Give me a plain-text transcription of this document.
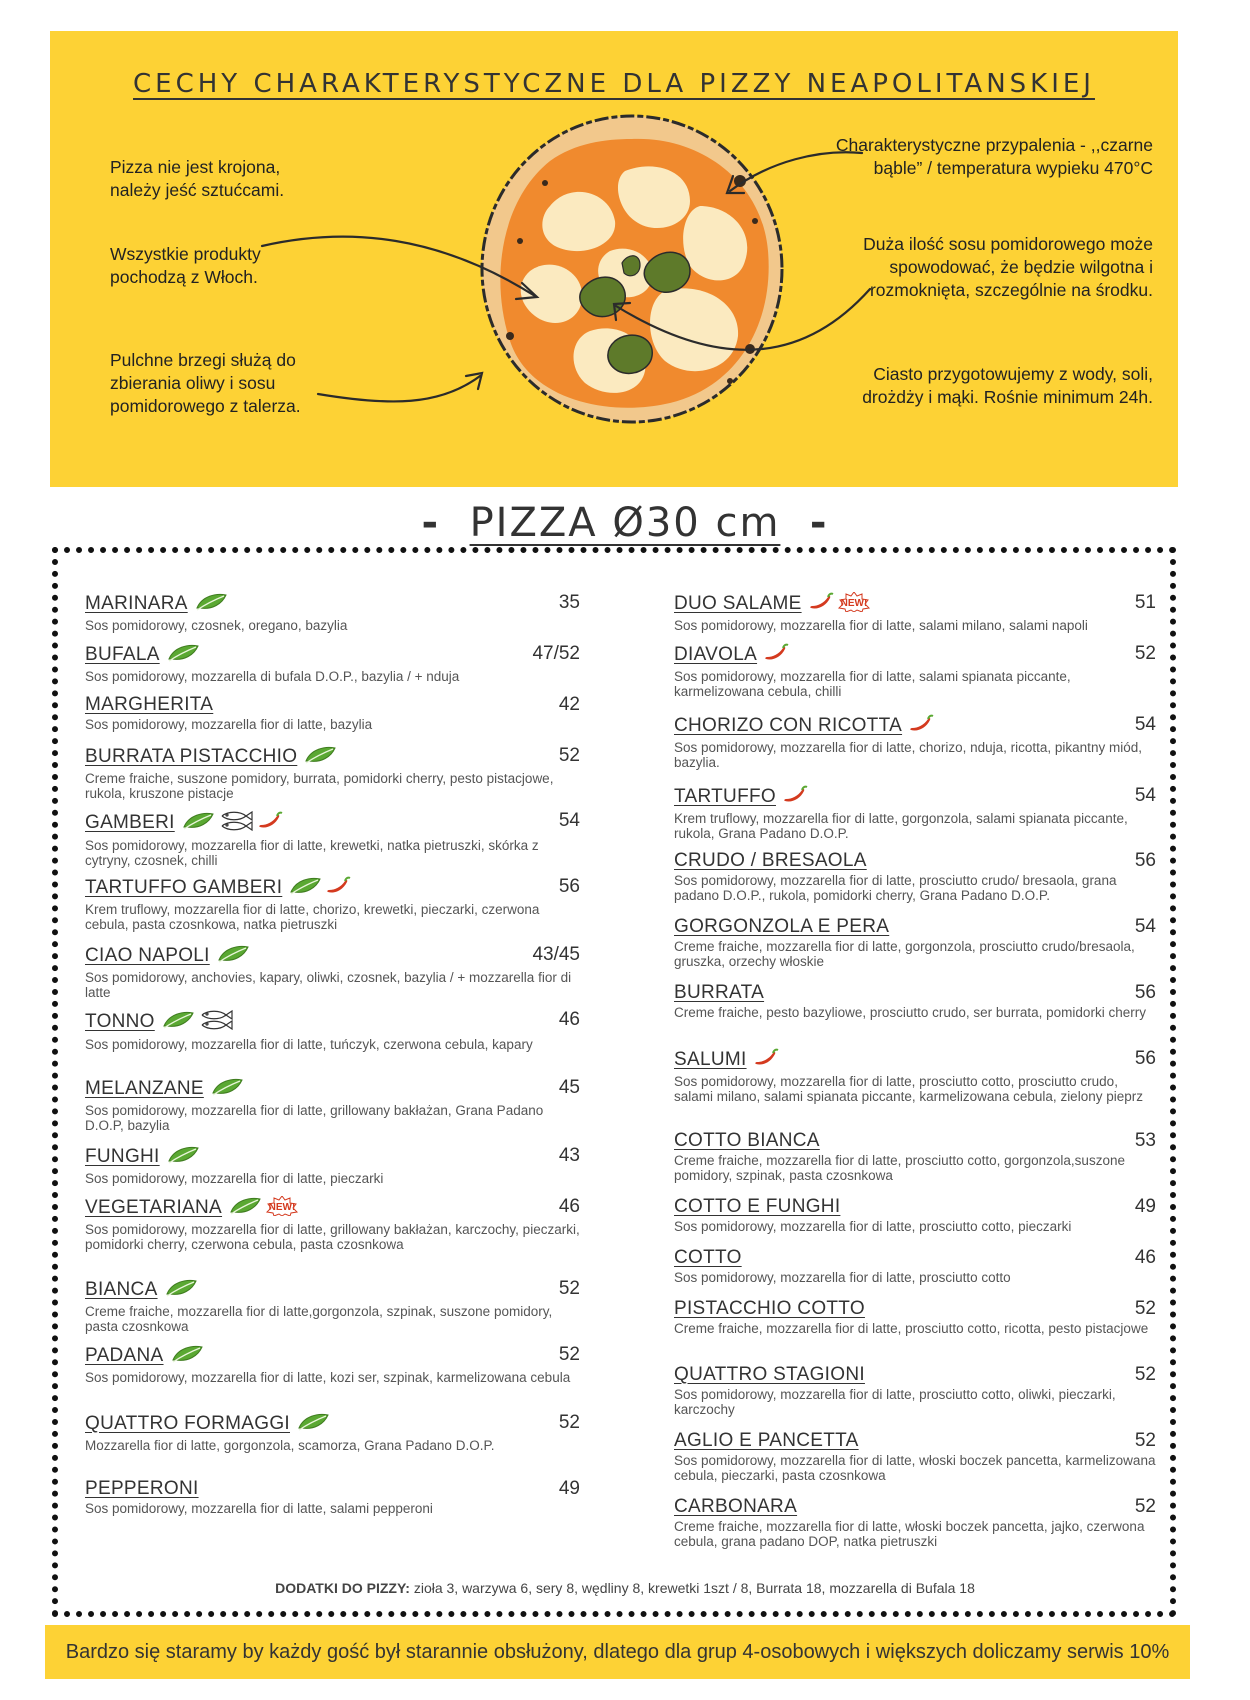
CECHY CHARAKTERYSTYCZNE DLA PIZZY NEAPOLITANSKIEJ
Pizza nie jest krojona,
należy jeść sztućcami.
Wszystkie produkty
pochodzą z Włoch.
Pulchne brzegi służą do
zbierania oliwy i sosu
pomidorowego z talerza.
Charakterystyczne przypalenia - ,,czarne
bąble” / temperatura wypieku 470°C
Duża ilość sosu pomidorowego może
spowodować, że będzie wilgotna i
rozmoknięta, szczególnie na środku.
Ciasto przygotowujemy z wody, soli,
drożdży i mąki. Rośnie minimum 24h.
- PIZZA Ø30 cm -
MARINARA	35
Sos pomidorowy, czosnek, oregano, bazylia
BUFALA	47/52
Sos pomidorowy, mozzarella di bufala D.O.P., bazylia / + nduja
MARGHERITA	42
Sos pomidorowy, mozzarella fior di latte, bazylia
BURRATA PISTACCHIO	52
Creme fraiche, suszone pomidory, burrata, pomidorki cherry, pesto pistacjowe, rukola, kruszone pistacje
GAMBERI	54
Sos pomidorowy, mozzarella fior di latte, krewetki, natka pietruszki, skórka z cytryny, czosnek, chilli
TARTUFFO GAMBERI	56
Krem truflowy, mozzarella fior di latte, chorizo, krewetki, pieczarki, czerwona cebula, pasta czosnkowa, natka pietruszki
CIAO NAPOLI	43/45
Sos pomidorowy, anchovies, kapary, oliwki, czosnek, bazylia / + mozzarella fior di latte
TONNO	46
Sos pomidorowy, mozzarella fior di latte, tuńczyk, czerwona cebula, kapary
MELANZANE	45
Sos pomidorowy, mozzarella fior di latte, grillowany bakłażan, Grana Padano D.O.P, bazylia
FUNGHI	43
Sos pomidorowy, mozzarella fior di latte, pieczarki
VEGETARIANA	NEW!	46
Sos pomidorowy, mozzarella fior di latte, grillowany bakłażan, karczochy, pieczarki, pomidorki cherry, czerwona cebula, pasta czosnkowa
BIANCA	52
Creme fraiche, mozzarella fior di latte,gorgonzola, szpinak, suszone pomidory, pasta czosnkowa
PADANA	52
Sos pomidorowy, mozzarella fior di latte, kozi ser, szpinak, karmelizowana cebula
QUATTRO FORMAGGI	52
Mozzarella fior di latte, gorgonzola, scamorza, Grana Padano D.O.P.
PEPPERONI	49
Sos pomidorowy, mozzarella fior di latte, salami pepperoni
DUO SALAME	NEW!	51
Sos pomidorowy, mozzarella fior di latte, salami milano, salami napoli
DIAVOLA	52
Sos pomidorowy, mozzarella fior di latte, salami spianata piccante, karmelizowana cebula, chilli
CHORIZO CON RICOTTA	54
Sos pomidorowy, mozzarella fior di latte, chorizo, nduja, ricotta, pikantny miód, bazylia.
TARTUFFO	54
Krem truflowy, mozzarella fior di latte, gorgonzola, salami spianata piccante, rukola, Grana Padano D.O.P.
CRUDO / BRESAOLA	56
Sos pomidorowy, mozzarella fior di latte, prosciutto crudo/ bresaola, grana padano D.O.P., rukola, pomidorki cherry, Grana Padano D.O.P.
GORGONZOLA E PERA	54
Creme fraiche, mozzarella fior di latte, gorgonzola, prosciutto crudo/bresaola, gruszka, orzechy włoskie
BURRATA	56
Creme fraiche, pesto bazyliowe, prosciutto crudo, ser burrata, pomidorki cherry
SALUMI	56
Sos pomidorowy, mozzarella fior di latte, prosciutto cotto, prosciutto crudo, salami milano, salami spianata piccante, karmelizowana cebula, zielony pieprz
COTTO BIANCA	53
Creme fraiche, mozzarella fior di latte, prosciutto cotto, gorgonzola,suszone pomidory, szpinak, pasta czosnkowa
COTTO E FUNGHI	49
Sos pomidorowy, mozzarella fior di latte, prosciutto cotto, pieczarki
COTTO	46
Sos pomidorowy, mozzarella fior di latte, prosciutto cotto
PISTACCHIO COTTO	52
Creme fraiche, mozzarella fior di latte, prosciutto cotto, ricotta, pesto pistacjowe
QUATTRO STAGIONI	52
Sos pomidorowy, mozzarella fior di latte, prosciutto cotto, oliwki, pieczarki, karczochy
AGLIO E PANCETTA	52
Sos pomidorowy, mozzarella fior di latte, włoski boczek pancetta, karmelizowana cebula, pieczarki, pasta czosnkowa
CARBONARA	52
Creme fraiche, mozzarella fior di latte, włoski boczek pancetta, jajko, czerwona cebula, grana padano DOP, natka pietruszki
DODATKI DO PIZZY: zioła 3, warzywa 6, sery 8, wędliny 8, krewetki 1szt / 8, Burrata 18, mozzarella di Bufala 18
Bardzo się staramy by każdy gość był starannie obsłużony, dlatego dla grup 4-osobowych i większych doliczamy serwis 10%
